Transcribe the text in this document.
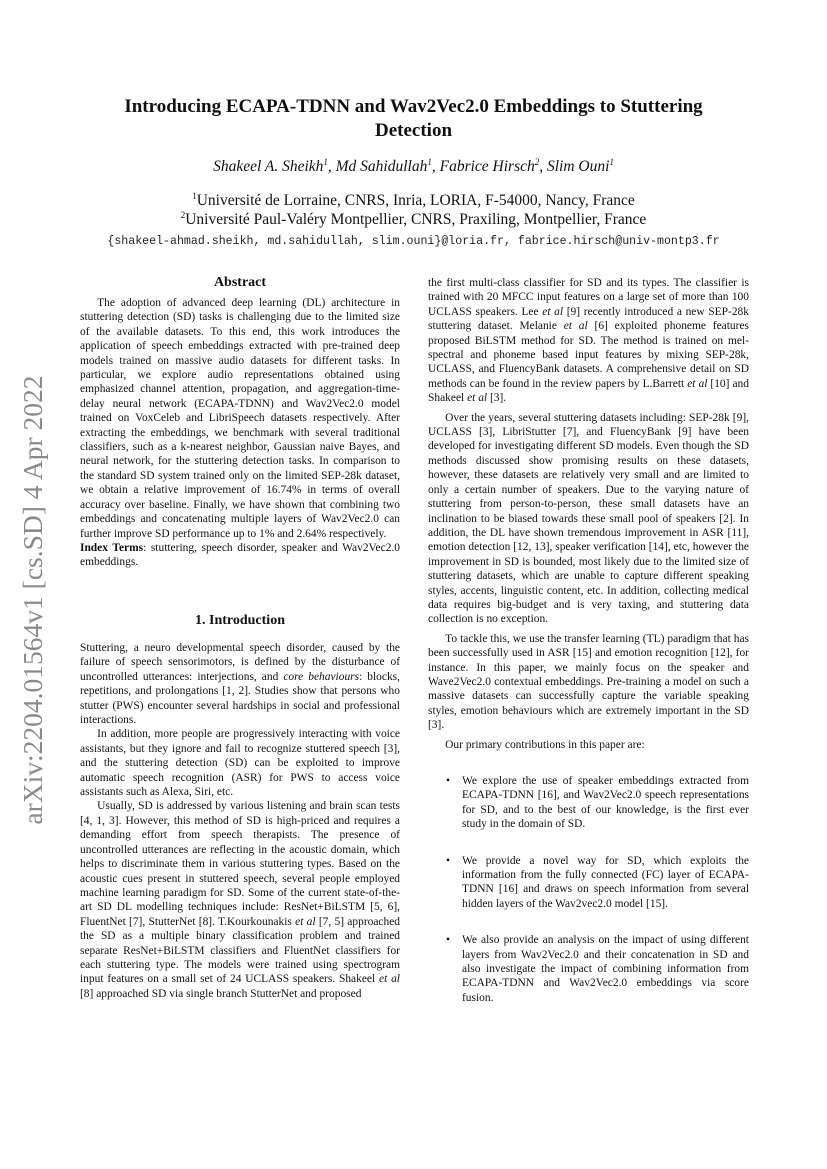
arXiv:2204.01564v1 [cs.SD] 4 Apr 2022
Introducing ECAPA-TDNN and Wav2Vec2.0 Embeddings to Stuttering
Detection
Shakeel A. Sheikh$^1$, Md Sahidullah$^1$, Fabrice Hirsch$^2$, Slim Ouni$^1$
$^1$Université de Lorraine, CNRS, Inria, LORIA, F-54000, Nancy, France
$^2$Université Paul-Valéry Montpellier, CNRS, Praxiling, Montpellier, France
{shakeel-ahmad.sheikh, md.sahidullah, slim.ouni}@loria.fr, fabrice.hirsch@univ-montp3.fr
Abstract

The adoption of advanced deep learning (DL) architecture in stuttering detection (SD) tasks is challenging due to the limited size of the available datasets. To this end, this work introduces the application of speech embeddings extracted with pre-trained deep models trained on massive audio datasets for different tasks. In particular, we explore audio representations obtained using emphasized channel attention, propagation, and aggregation-time-delay neural network (ECAPA-TDNN) and Wav2Vec2.0 model trained on VoxCeleb and LibriSpeech datasets respectively. After extracting the embeddings, we benchmark with several traditional classifiers, such as a k-nearest neighbor, Gaussian naive Bayes, and neural network, for the stuttering detection tasks. In comparison to the standard SD system trained only on the limited SEP-28k dataset, we obtain a relative improvement of 16.74% in terms of overall accuracy over baseline. Finally, we have shown that combining two embeddings and concatenating multiple layers of Wav2Vec2.0 can further improve SD performance up to 1% and 2.64% respectively.

Index Terms: stuttering, speech disorder, speaker and Wav2Vec2.0 embeddings.

1. Introduction

Stuttering, a neuro developmental speech disorder, caused by the failure of speech sensorimotors, is defined by the disturbance of uncontrolled utterances: interjections, and core behaviours: blocks, repetitions, and prolongations [1, 2]. Studies show that persons who stutter (PWS) encounter several hardships in social and professional interactions.

In addition, more people are progressively interacting with voice assistants, but they ignore and fail to recognize stuttered speech [3], and the stuttering detection (SD) can be exploited to improve automatic speech recognition (ASR) for PWS to access voice assistants such as Alexa, Siri, etc.

Usually, SD is addressed by various listening and brain scan tests [4, 1, 3]. However, this method of SD is high-priced and requires a demanding effort from speech therapists. The presence of uncontrolled utterances are reflecting in the acoustic domain, which helps to discriminate them in various stuttering types. Based on the acoustic cues present in stuttered speech, several people employed machine learning paradigm for SD. Some of the current state-of-the-art SD DL modelling techniques include: ResNet+BiLSTM [5, 6], FluentNet [7], StutterNet [8]. T.Kourkounakis et al [7, 5] approached the SD as a multiple binary classification problem and trained separate ResNet+BiLSTM classifiers and FluentNet classifiers for each stuttering type. The models were trained using spectrogram input features on a small set of 24 UCLASS speakers. Shakeel et al [8] approached SD via single branch StutterNet and proposed

the first multi-class classifier for SD and its types. The classifier is trained with 20 MFCC input features on a large set of more than 100 UCLASS speakers. Lee et al [9] recently introduced a new SEP-28k stuttering dataset. Melanie et al [6] exploited phoneme features proposed BiLSTM method for SD. The method is trained on mel-spectral and phoneme based input features by mixing SEP-28k, UCLASS, and FluencyBank datasets. A comprehensive detail on SD methods can be found in the review papers by L.Barrett et al [10] and Shakeel et al [3].

Over the years, several stuttering datasets including: SEP-28k [9], UCLASS [3], LibriStutter [7], and FluencyBank [9] have been developed for investigating different SD models. Even though the SD methods discussed show promising results on these datasets, however, these datasets are relatively very small and are limited to only a certain number of speakers. Due to the varying nature of stuttering from person-to-person, these small datasets have an inclination to be biased towards these small pool of speakers [2]. In addition, the DL have shown tremendous improvement in ASR [11], emotion detection [12, 13], speaker verification [14], etc, however the improvement in SD is bounded, most likely due to the limited size of stuttering datasets, which are unable to capture different speaking styles, accents, linguistic content, etc. In addition, collecting medical data requires big-budget and is very taxing, and stuttering data collection is no exception.

To tackle this, we use the transfer learning (TL) paradigm that has been successfully used in ASR [15] and emotion recognition [12], for instance. In this paper, we mainly focus on the speaker and Wave2Vec2.0 contextual embeddings. Pre-training a model on such a massive datasets can successfully capture the variable speaking styles, emotion behaviours which are extremely important in the SD [3].

Our primary contributions in this paper are:

• We explore the use of speaker embeddings extracted from ECAPA-TDNN [16], and Wav2Vec2.0 speech representations for SD, and to the best of our knowledge, is the first ever study in the domain of SD.
• We provide a novel way for SD, which exploits the information from the fully connected (FC) layer of ECAPA-TDNN [16] and draws on speech information from several hidden layers of the Wav2vec2.0 model [15].
• We also provide an analysis on the impact of using different layers from Wav2Vec2.0 and their concatenation in SD and also investigate the impact of combining information from ECAPA-TDNN and Wav2Vec2.0 embeddings via score fusion.
